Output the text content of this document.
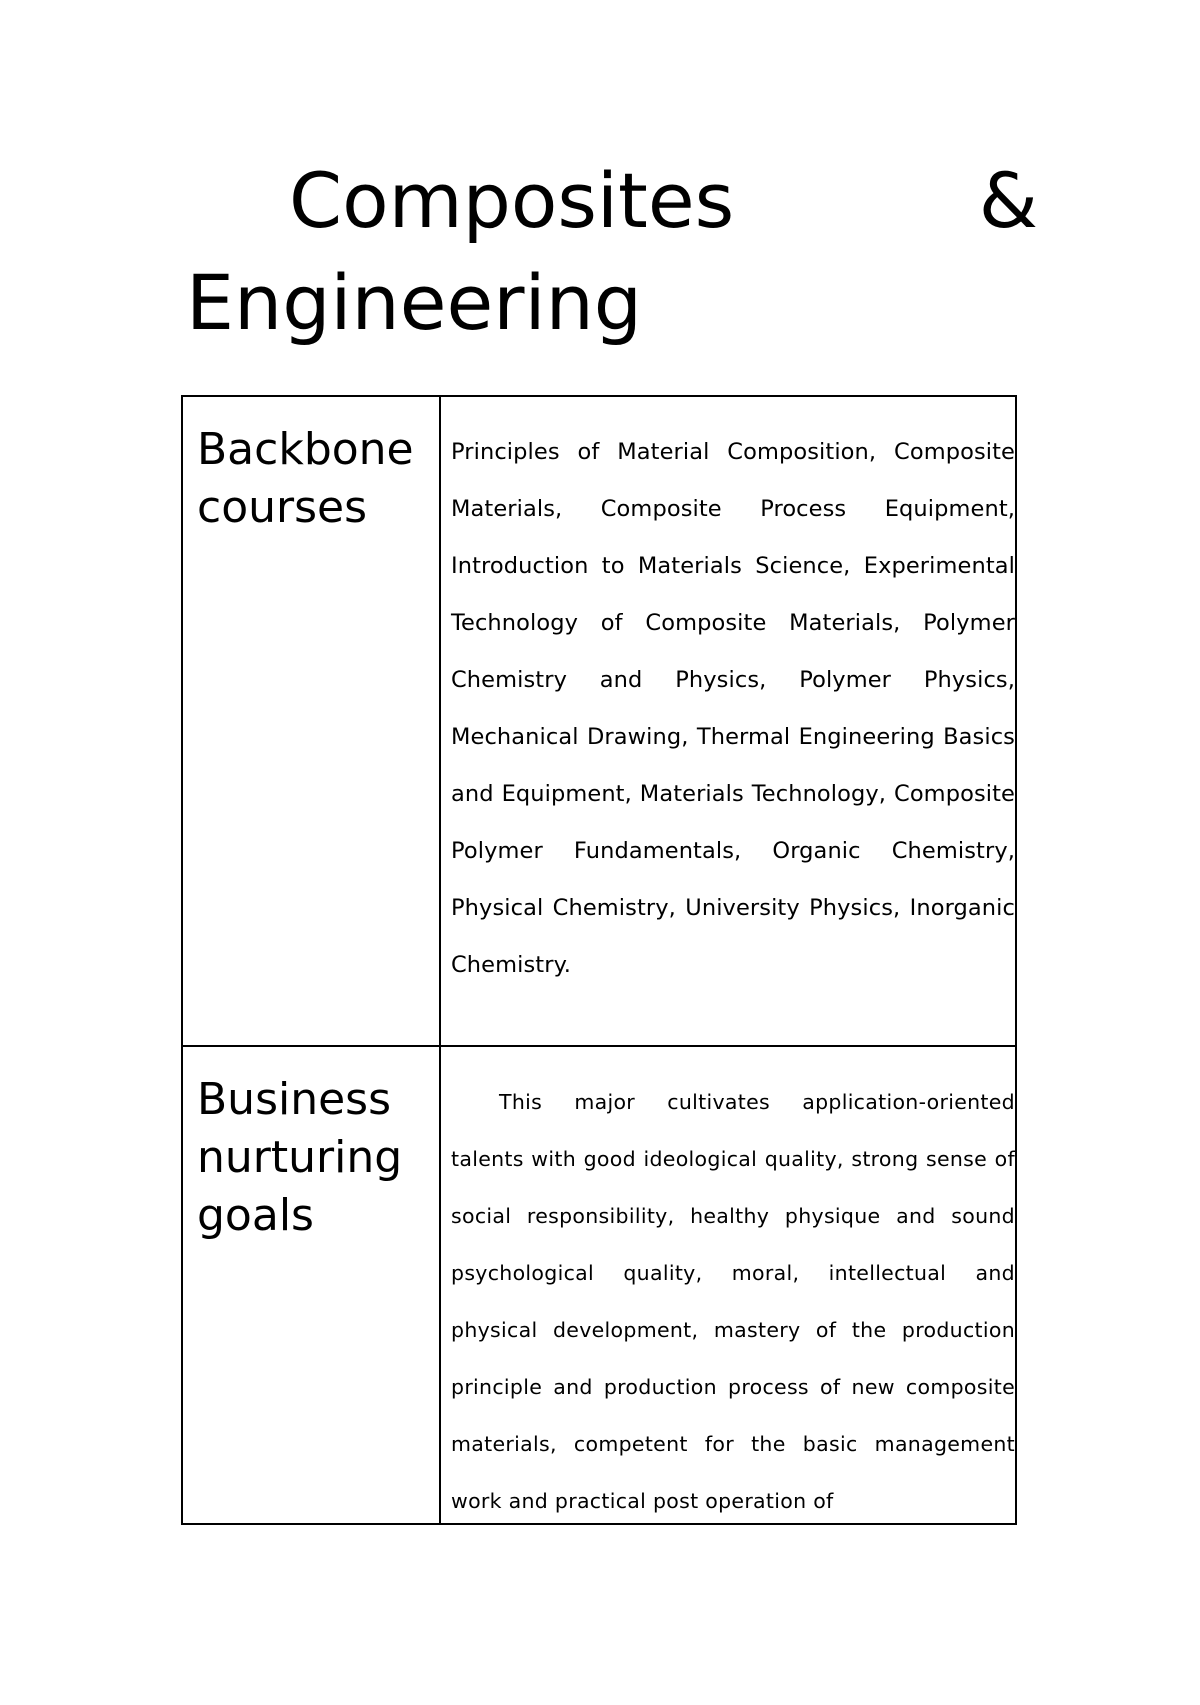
Composites & Engineering
Backbone courses

Principles of Material Composition, Composite Materials, Composite Process Equipment, Introduction to Materials Science, Experimental Technology of Composite Materials, Polymer Chemistry and Physics, Polymer Physics, Mechanical Drawing, Thermal Engineering Basics and Equipment, Materials Technology, Composite Polymer Fundamentals, Organic Chemistry, Physical Chemistry, University Physics, Inorganic Chemistry.

Business nurturing goals

This major cultivates application-oriented talents with good ideological quality, strong sense of social responsibility, healthy physique and sound psychological quality, moral, intellectual and physical development, mastery of the production principle and production process of new composite materials, competent for the basic management work and practical post operation of
